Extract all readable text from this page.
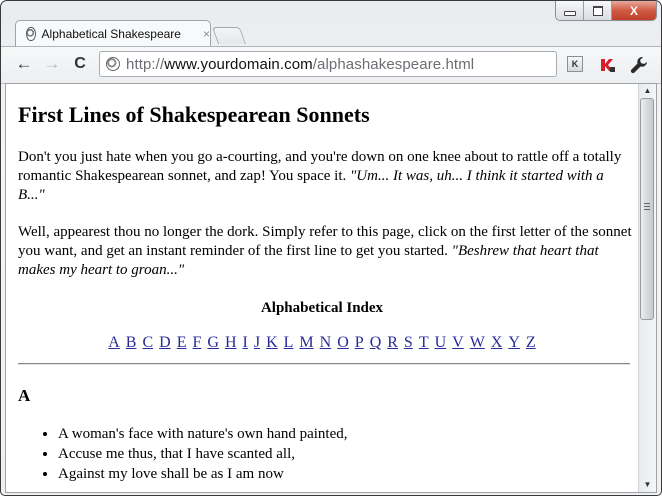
X
Alphabetical Shakespeare ×
← → C	http://www.yourdomain.com/alphashakespeare.html	K
First Lines of Shakespearean Sonnets

Don't you just hate when you go a-courting, and you're down on one knee about to rattle off a totally romantic Shakespearean sonnet, and zap! You space it. "Um... It was, uh... I think it started with a B..."

Well, appearest thou no longer the dork. Simply refer to this page, click on the first letter of the sonnet you want, and get an instant reminder of the first line to get you started. "Beshrew that heart that makes my heart to groan..."

Alphabetical Index
A B C D E F G H I J K L M N O P Q R S T U V W X Y Z
A
• A woman's face with nature's own hand painted,
• Accuse me thus, that I have scanted all,
• Against my love shall be as I am now
▲
▼
